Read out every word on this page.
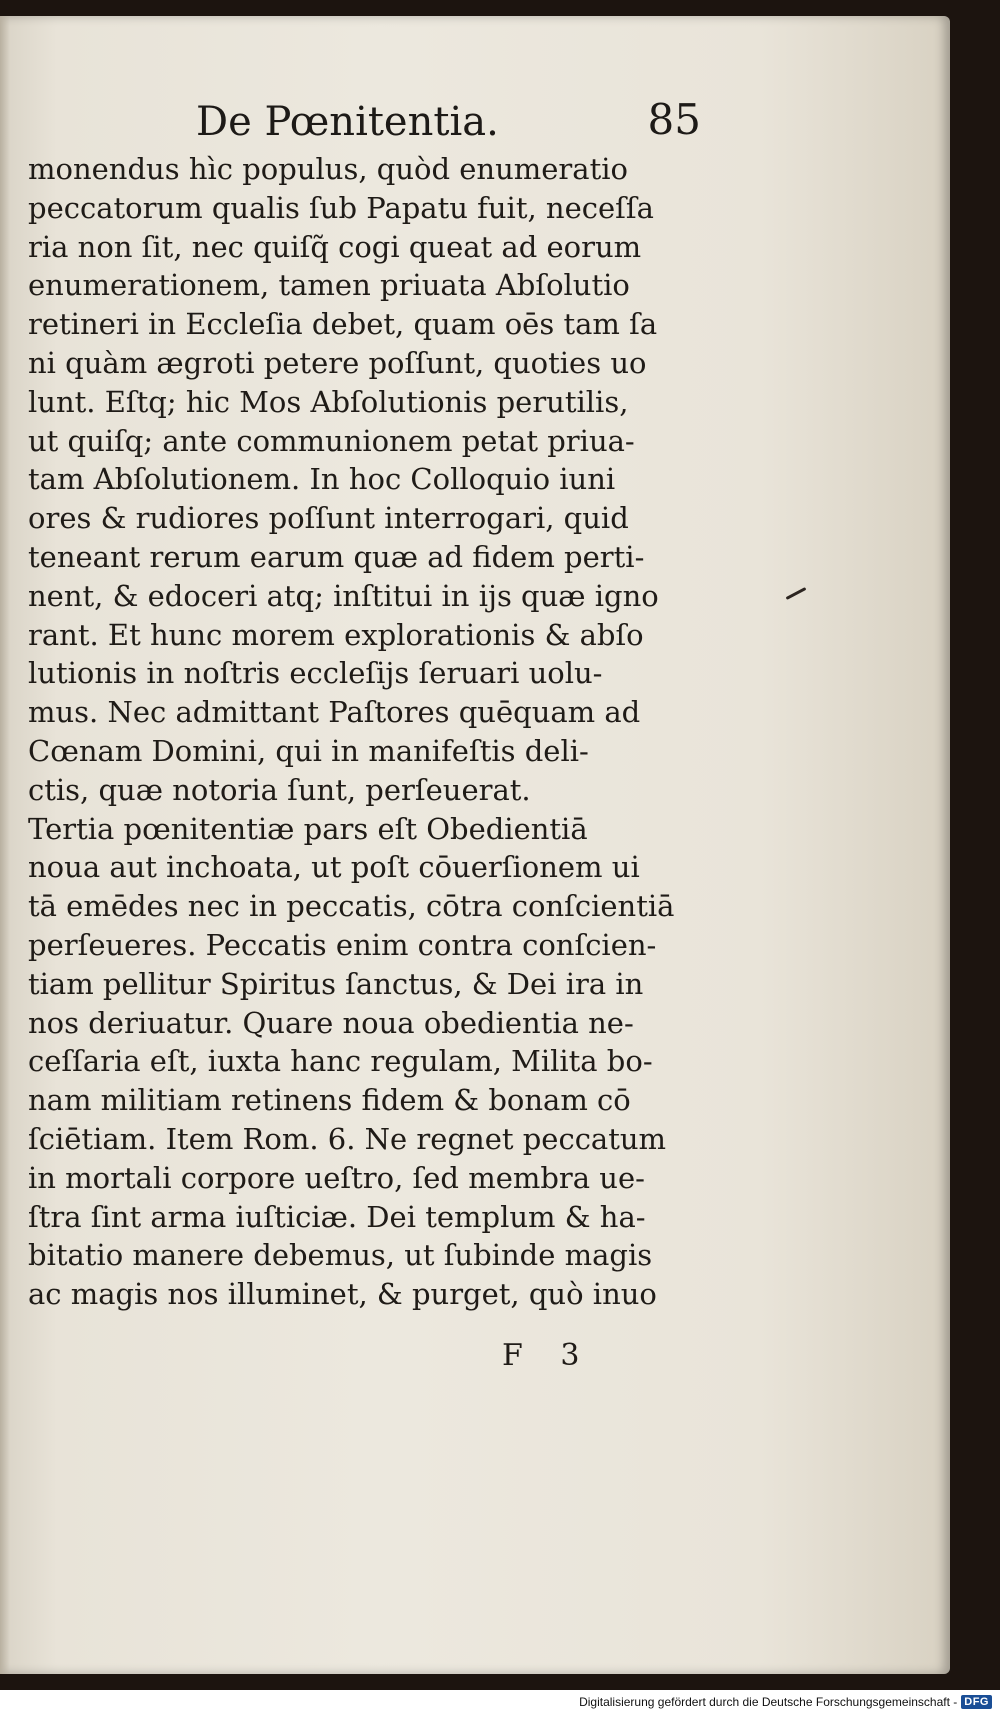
De Pœnitentia.	85
monendus hìc populus, quòd enumeratio
peccatorum qualis ſub Papatu fuit, neceſſa
ria non ſit, nec quiſq̃ cogi queat ad eorum
enumerationem, tamen priuata Abſolutio
retineri in Eccleſia debet, quam oēs tam ſa
ni quàm ægroti petere poſſunt, quoties uo
lunt. Eſtq; hic Mos Abſolutionis perutilis,
ut quiſq; ante communionem petat priua-
tam Abſolutionem. In hoc Colloquio iuni
ores & rudiores poſſunt interrogari, quid
teneant rerum earum quæ ad fidem perti-
nent, & edoceri atq; inſtitui in ijs quæ igno
rant. Et hunc morem explorationis & abſo
lutionis in noſtris eccleſijs ſeruari uolu-
mus. Nec admittant Paſtores quēquam ad
Cœnam Domini, qui in manifeſtis deli-
ctis, quæ notoria ſunt, perſeuerat.
Tertia pœnitentiæ pars eſt Obedientiā
noua aut inchoata, ut poſt cōuerſionem ui
tā emēdes nec in peccatis, cōtra conſcientiā
perſeueres. Peccatis enim contra conſcien-
tiam pellitur Spiritus ſanctus, & Dei ira in
nos deriuatur. Quare noua obedientia ne-
ceſſaria eſt, iuxta hanc regulam, Milita bo-
nam militiam retinens fidem & bonam cō
ſciētiam. Item Rom. 6. Ne regnet peccatum
in mortali corpore ueſtro, ſed membra ue-
ſtra ſint arma iuſticiæ. Dei templum & ha-
bitatio manere debemus, ut ſubinde magis
ac magis nos illuminet, & purget, quò inuo
F 3
Digitalisierung gefördert durch die Deutsche Forschungsgemeinschaft - DFG
